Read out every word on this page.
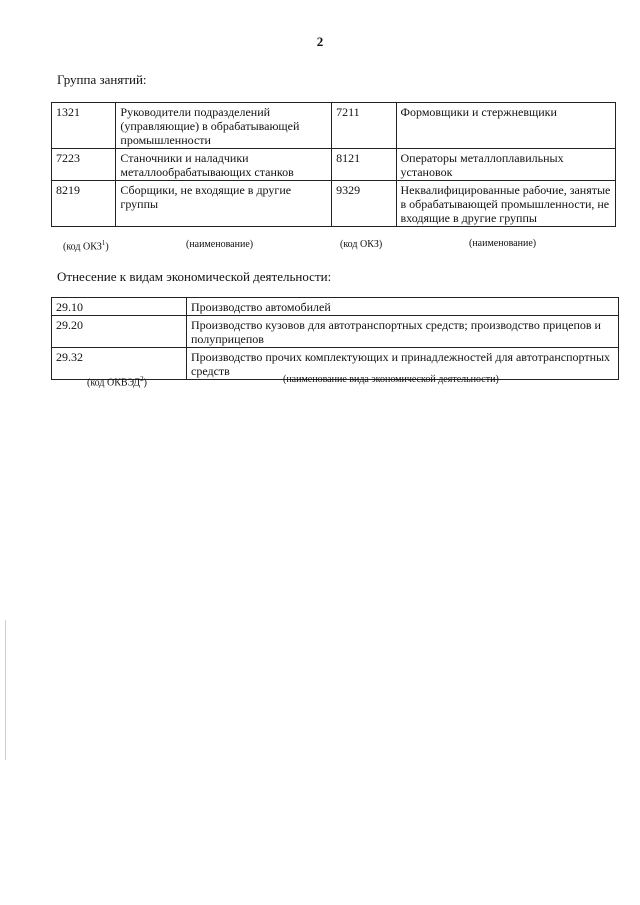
2
Группа занятий:
1321	Руководители подразделений (управляющие) в обрабатывающей промышленности	7211	Формовщики и стержневщики
7223	Станочники и наладчики металлообрабатывающих станков	8121	Операторы металлоплавильных установок
8219	Сборщики, не входящие в другие группы	9329	Неквалифицированные рабочие, занятые в обрабатывающей промышленности, не входящие в другие группы
(код ОКЗ$^1$)	(наименование)	(код ОКЗ)	(наименование)
Отнесение к видам экономической деятельности:
29.10	Производство автомобилей
29.20	Производство кузовов для автотранспортных средств; производство прицепов и полуприцепов
29.32	Производство прочих комплектующих и принадлежностей для автотранспортных средств
(код ОКВЭД$^2$)	(наименование вида экономической деятельности)
